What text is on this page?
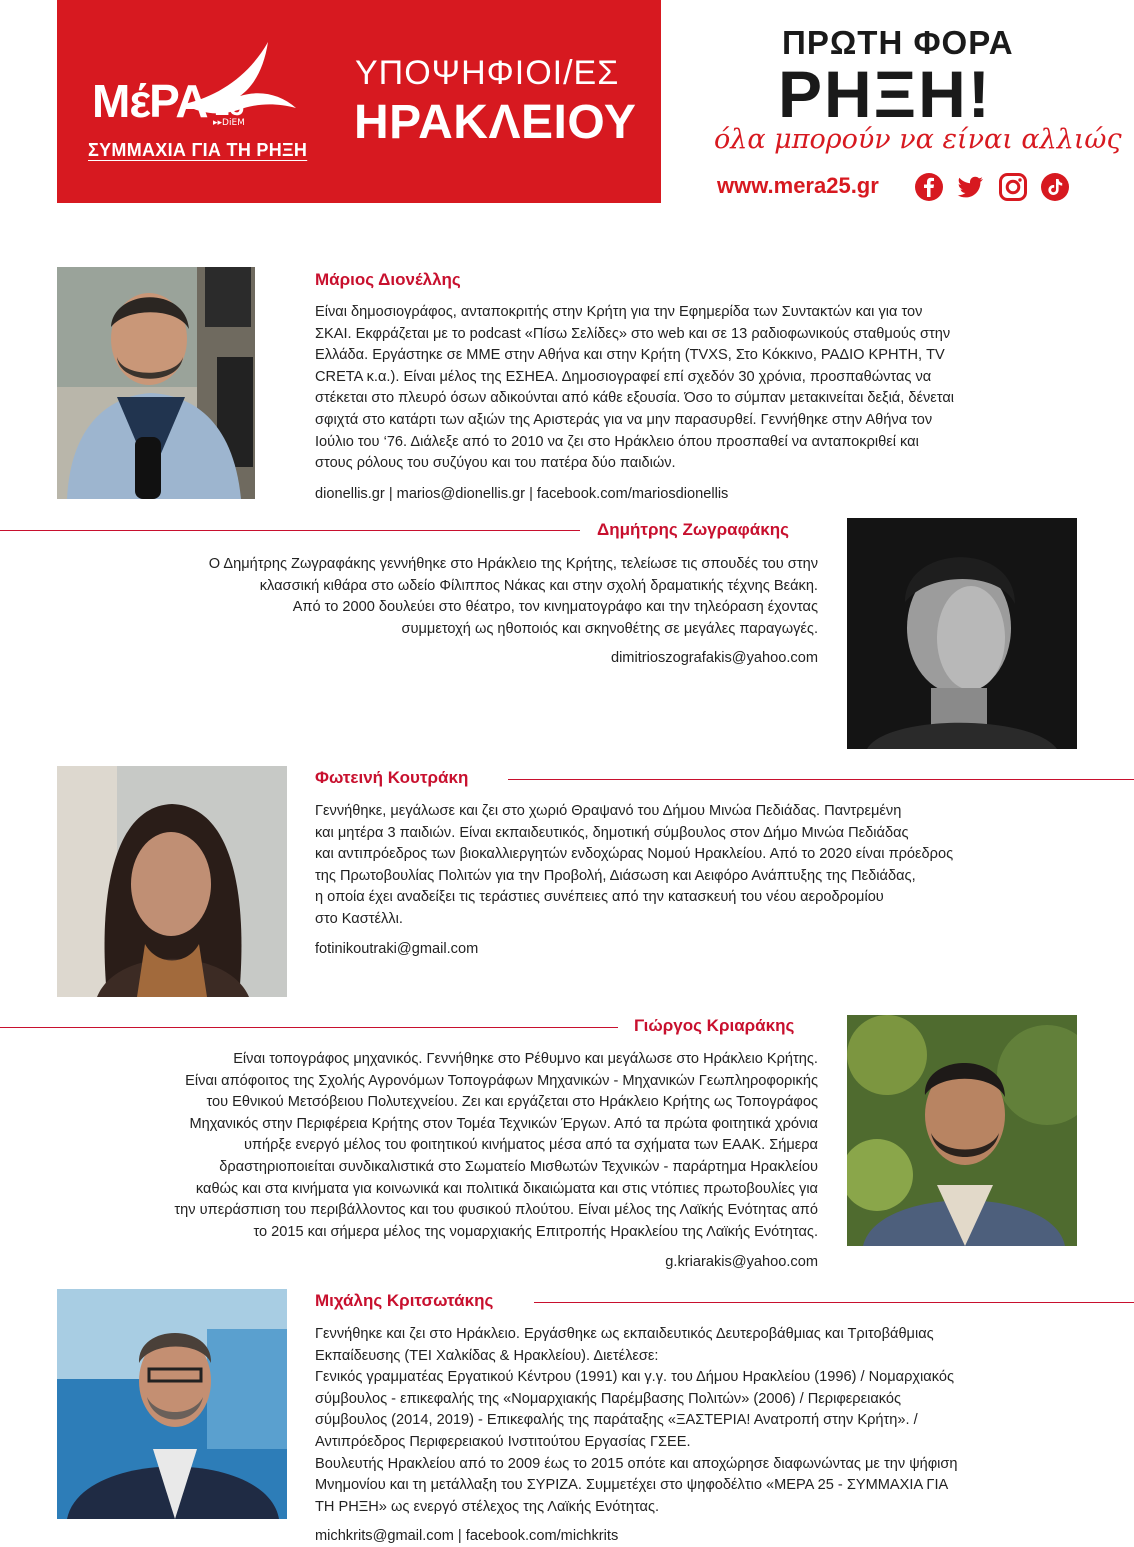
MέΡΑ 25
▸▸DiEM
ΣΥΜΜΑΧΙΑ ΓΙΑ ΤΗ ΡΗΞΗ
ΥΠΟΨΗΦΙΟΙ/ΕΣ
ΗΡΑΚΛΕΙΟΥ
ΠΡΩΤΗ ΦΟΡΑ
ΡΗΞΗ!
όλα μπορούν να είναι αλλιώς
www.mera25.gr
Μάριος Διονέλλης
Είναι δημοσιογράφος, ανταποκριτής στην Κρήτη για την Εφημερίδα των Συντακτών και για τον
ΣΚΑΙ. Εκφράζεται με το podcast «Πίσω Σελίδες» στο web και σε 13 ραδιοφωνικούς σταθμούς στην
Ελλάδα. Εργάστηκε σε ΜΜΕ στην Αθήνα και στην Κρήτη (TVXS, Στο Κόκκινο, ΡΑΔΙΟ ΚΡΗΤΗ, TV
CRETA κ.α.). Είναι μέλος της ΕΣΗΕΑ. Δημοσιογραφεί επί σχεδόν 30 χρόνια, προσπαθώντας να
στέκεται στο πλευρό όσων αδικούνται από κάθε εξουσία. Όσο το σύμπαν μετακινείται δεξιά, δένεται
σφιχτά στο κατάρτι των αξιών της Αριστεράς για να μην παρασυρθεί. Γεννήθηκε στην Αθήνα τον
Ιούλιο του ‘76. Διάλεξε από το 2010 να ζει στο Ηράκλειο όπου προσπαθεί να ανταποκριθεί και
στους ρόλους του συζύγου και του πατέρα δύο παιδιών.
dionellis.gr | marios@dionellis.gr | facebook.com/mariosdionellis
Δημήτρης Ζωγραφάκης
Ο Δημήτρης Ζωγραφάκης γεννήθηκε στο Ηράκλειο της Κρήτης, τελείωσε τις σπουδές του στην
κλασσική κιθάρα στο ωδείο Φίλιππος Νάκας και στην σχολή δραματικής τέχνης Βεάκη.
Από το 2000 δουλεύει στο θέατρο, τον κινηματογράφο και την τηλεόραση έχοντας
συμμετοχή ως ηθοποιός και σκηνοθέτης σε μεγάλες παραγωγές.
dimitrioszografakis@yahoo.com
Φωτεινή Κουτράκη
Γεννήθηκε, μεγάλωσε και ζει στο χωριό Θραψανό του Δήμου Μινώα Πεδιάδας. Παντρεμένη
και μητέρα 3 παιδιών. Είναι εκπαιδευτικός, δημοτική σύμβουλος στον Δήμο Μινώα Πεδιάδας
και αντιπρόεδρος των βιοκαλλιεργητών ενδοχώρας Νομού Ηρακλείου. Από το 2020 είναι πρόεδρος
της Πρωτοβουλίας Πολιτών για την Προβολή, Διάσωση και Αειφόρο Ανάπτυξης της Πεδιάδας,
η οποία έχει αναδείξει τις τεράστιες συνέπειες από την κατασκευή του νέου αεροδρομίου
στο Καστέλλι.
fotinikoutraki@gmail.com
Γιώργος Κριαράκης
Είναι τοπογράφος μηχανικός. Γεννήθηκε στο Ρέθυμνο και μεγάλωσε στο Ηράκλειο Κρήτης.
Είναι απόφοιτος της Σχολής Αγρονόμων Τοπογράφων Μηχανικών - Μηχανικών Γεωπληροφορικής
του Εθνικού Μετσόβειου Πολυτεχνείου. Ζει και εργάζεται στο Ηράκλειο Κρήτης ως Τοπογράφος
Μηχανικός στην Περιφέρεια Κρήτης στον Τομέα Τεχνικών Έργων. Από τα πρώτα φοιτητικά χρόνια
υπήρξε ενεργό μέλος του φοιτητικού κινήματος μέσα από τα σχήματα των ΕΑΑΚ. Σήμερα
δραστηριοποιείται συνδικαλιστικά στο Σωματείο Μισθωτών Τεχνικών - παράρτημα Ηρακλείου
καθώς και στα κινήματα για κοινωνικά και πολιτικά δικαιώματα και στις ντόπιες πρωτοβουλίες για
την υπεράσπιση του περιβάλλοντος και του φυσικού πλούτου. Είναι μέλος της Λαϊκής Ενότητας από
το 2015 και σήμερα μέλος της νομαρχιακής Επιτροπής Ηρακλείου της Λαϊκής Ενότητας.
g.kriarakis@yahoo.com
Μιχάλης Κριτσωτάκης
Γεννήθηκε και ζει στο Ηράκλειο. Εργάσθηκε ως εκπαιδευτικός Δευτεροβάθμιας και Τριτοβάθμιας
Εκπαίδευσης (ΤΕΙ Χαλκίδας & Ηρακλείου). Διετέλεσε:
Γενικός γραμματέας Εργατικού Κέντρου (1991) και γ.γ. του Δήμου Ηρακλείου (1996) / Νομαρχιακός
σύμβουλος - επικεφαλής της «Νομαρχιακής Παρέμβασης Πολιτών» (2006) / Περιφερειακός
σύμβουλος (2014, 2019) - Επικεφαλής της παράταξης «ΞΑΣΤΕΡΙΑ! Ανατροπή στην Κρήτη». /
Αντιπρόεδρος Περιφερειακού Ινστιτούτου Εργασίας ΓΣΕΕ.
Βουλευτής Ηρακλείου από το 2009 έως το 2015 οπότε και αποχώρησε διαφωνώντας με την ψήφιση
Μνημονίου και τη μετάλλαξη του ΣΥΡΙΖΑ. Συμμετέχει στο ψηφοδέλτιο «ΜΕΡΑ 25 - ΣΥΜΜΑΧΙΑ ΓΙΑ
ΤΗ ΡΗΞΗ» ως ενεργό στέλεχος της Λαϊκής Ενότητας.
michkrits@gmail.com | facebook.com/michkrits
